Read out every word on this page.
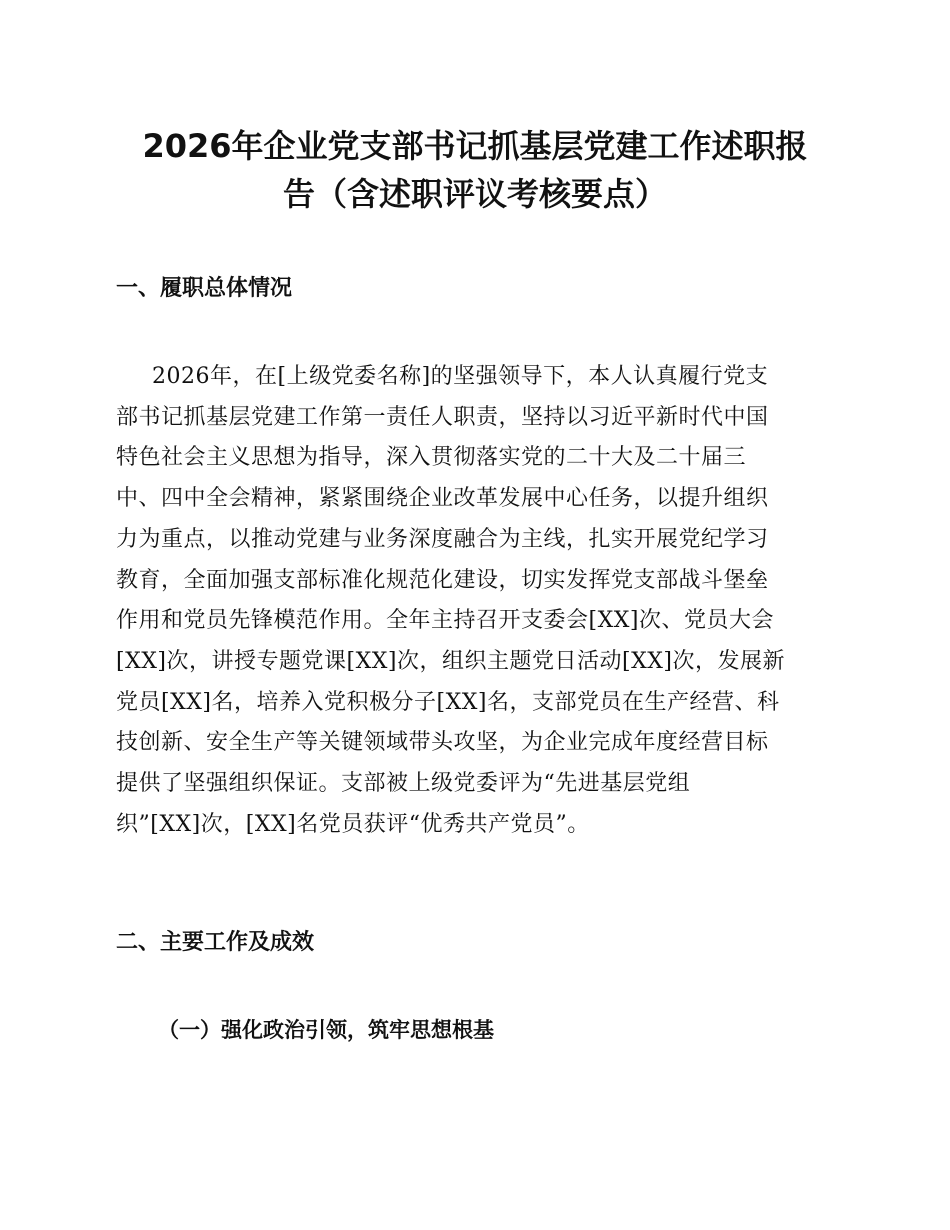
2026年企业党支部书记抓基层党建工作述职报
告（含述职评议考核要点）
一、履职总体情况
2026年，在[上级党委名称]的坚强领导下，本人认真履行党支
部书记抓基层党建工作第一责任人职责，坚持以习近平新时代中国
特色社会主义思想为指导，深入贯彻落实党的二十大及二十届三
中、四中全会精神，紧紧围绕企业改革发展中心任务，以提升组织
力为重点，以推动党建与业务深度融合为主线，扎实开展党纪学习
教育，全面加强支部标准化规范化建设，切实发挥党支部战斗堡垒
作用和党员先锋模范作用。全年主持召开支委会[XX]次、党员大会
[XX]次，讲授专题党课[XX]次，组织主题党日活动[XX]次，发展新
党员[XX]名，培养入党积极分子[XX]名，支部党员在生产经营、科
技创新、安全生产等关键领域带头攻坚，为企业完成年度经营目标
提供了坚强组织保证。支部被上级党委评为“先进基层党组
织”[XX]次，[XX]名党员获评“优秀共产党员”。
二、主要工作及成效
（一）强化政治引领，筑牢思想根基
